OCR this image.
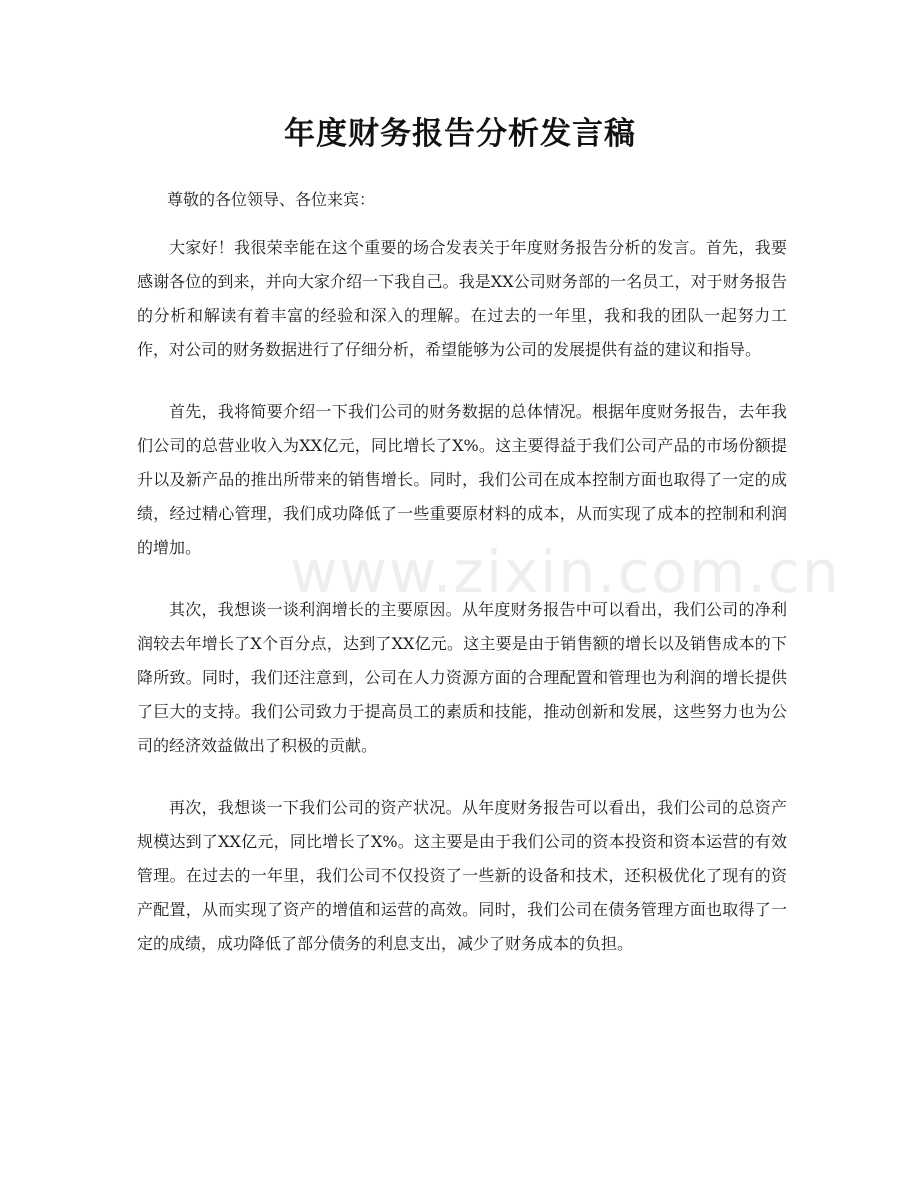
年度财务报告分析发言稿

尊敬的各位领导、各位来宾：

大家好！我很荣幸能在这个重要的场合发表关于年度财务报告分析的发言。首先，我要感谢各位的到来，并向大家介绍一下我自己。我是XX公司财务部的一名员工，对于财务报告的分析和解读有着丰富的经验和深入的理解。在过去的一年里，我和我的团队一起努力工作，对公司的财务数据进行了仔细分析，希望能够为公司的发展提供有益的建议和指导。

首先，我将简要介绍一下我们公司的财务数据的总体情况。根据年度财务报告，去年我们公司的总营业收入为XX亿元，同比增长了X%。这主要得益于我们公司产品的市场份额提升以及新产品的推出所带来的销售增长。同时，我们公司在成本控制方面也取得了一定的成绩，经过精心管理，我们成功降低了一些重要原材料的成本，从而实现了成本的控制和利润的增加。

其次，我想谈一谈利润增长的主要原因。从年度财务报告中可以看出，我们公司的净利润较去年增长了X个百分点，达到了XX亿元。这主要是由于销售额的增长以及销售成本的下降所致。同时，我们还注意到，公司在人力资源方面的合理配置和管理也为利润的增长提供了巨大的支持。我们公司致力于提高员工的素质和技能，推动创新和发展，这些努力也为公司的经济效益做出了积极的贡献。

再次，我想谈一下我们公司的资产状况。从年度财务报告可以看出，我们公司的总资产规模达到了XX亿元，同比增长了X%。这主要是由于我们公司的资本投资和资本运营的有效管理。在过去的一年里，我们公司不仅投资了一些新的设备和技术，还积极优化了现有的资产配置，从而实现了资产的增值和运营的高效。同时，我们公司在债务管理方面也取得了一定的成绩，成功降低了部分债务的利息支出，减少了财务成本的负担。

www.zixin.com.cn
